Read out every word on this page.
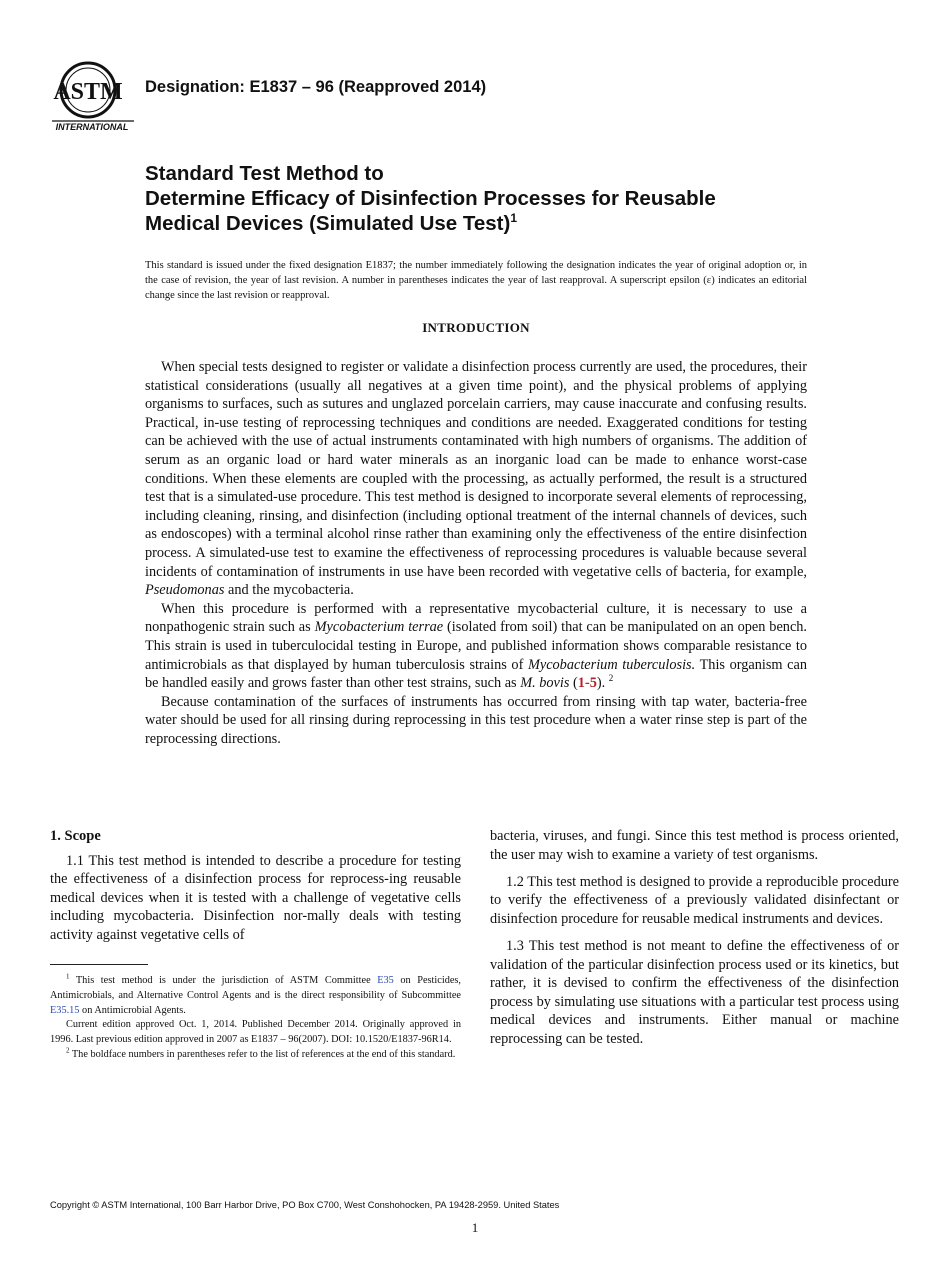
ASTM
INTERNATIONAL
Designation: E1837 – 96 (Reapproved 2014)
Standard Test Method to
Determine Efficacy of Disinfection Processes for Reusable
Medical Devices (Simulated Use Test)$^1$
This standard is issued under the fixed designation E1837; the number immediately following the designation indicates the year of original adoption or, in the case of revision, the year of last revision. A number in parentheses indicates the year of last reapproval. A superscript epsilon (ε) indicates an editorial change since the last revision or reapproval.
INTRODUCTION

When special tests designed to register or validate a disinfection process currently are used, the procedures, their statistical considerations (usually all negatives at a given time point), and the physical problems of applying organisms to surfaces, such as sutures and unglazed porcelain carriers, may cause inaccurate and confusing results. Practical, in-use testing of reprocessing techniques and conditions are needed. Exaggerated conditions for testing can be achieved with the use of actual instruments contaminated with high numbers of organisms. The addition of serum as an organic load or hard water minerals as an inorganic load can be made to enhance worst-case conditions. When these elements are coupled with the processing, as actually performed, the result is a structured test that is a simulated-use procedure. This test method is designed to incorporate several elements of reprocessing, including cleaning, rinsing, and disinfection (including optional treatment of the internal channels of devices, such as endoscopes) with a terminal alcohol rinse rather than examining only the effectiveness of the entire disinfection process. A simulated-use test to examine the effectiveness of reprocessing procedures is valuable because several incidents of contamination of instruments in use have been recorded with vegetative cells of bacteria, for example, Pseudomonas and the mycobacteria.

When this procedure is performed with a representative mycobacterial culture, it is necessary to use a nonpathogenic strain such as Mycobacterium terrae (isolated from soil) that can be manipulated on an open bench. This strain is used in tuberculocidal testing in Europe, and published information shows comparable resistance to antimicrobials as that displayed by human tuberculosis strains of Mycobacterium tuberculosis. This organism can be handled easily and grows faster than other test strains, such as M. bovis (1-5). $^2$

Because contamination of the surfaces of instruments has occurred from rinsing with tap water, bacteria-free water should be used for all rinsing during reprocessing in this test procedure when a water rinse step is part of the reprocessing directions.

1. Scope

1.1 This test method is intended to describe a procedure for testing the effectiveness of a disinfection process for reprocess-ing reusable medical devices when it is tested with a challenge of vegetative cells including mycobacteria. Disinfection nor-mally deals with testing activity against vegetative cells of

$^1$ This test method is under the jurisdiction of ASTM Committee E35 on Pesticides, Antimicrobials, and Alternative Control Agents and is the direct responsibility of Subcommittee E35.15 on Antimicrobial Agents.

Current edition approved Oct. 1, 2014. Published December 2014. Originally approved in 1996. Last previous edition approved in 2007 as E1837 – 96(2007). DOI: 10.1520/E1837-96R14.

$^2$ The boldface numbers in parentheses refer to the list of references at the end of this standard.

bacteria, viruses, and fungi. Since this test method is process oriented, the user may wish to examine a variety of test organisms.

1.2 This test method is designed to provide a reproducible procedure to verify the effectiveness of a previously validated disinfectant or disinfection procedure for reusable medical instruments and devices.

1.3 This test method is not meant to define the effectiveness of or validation of the particular disinfection process used or its kinetics, but rather, it is devised to confirm the effectiveness of the disinfection process by simulating use situations with a particular test process using medical devices and instruments. Either manual or machine reprocessing can be tested.

Copyright © ASTM International, 100 Barr Harbor Drive, PO Box C700, West Conshohocken, PA 19428-2959. United States
1
